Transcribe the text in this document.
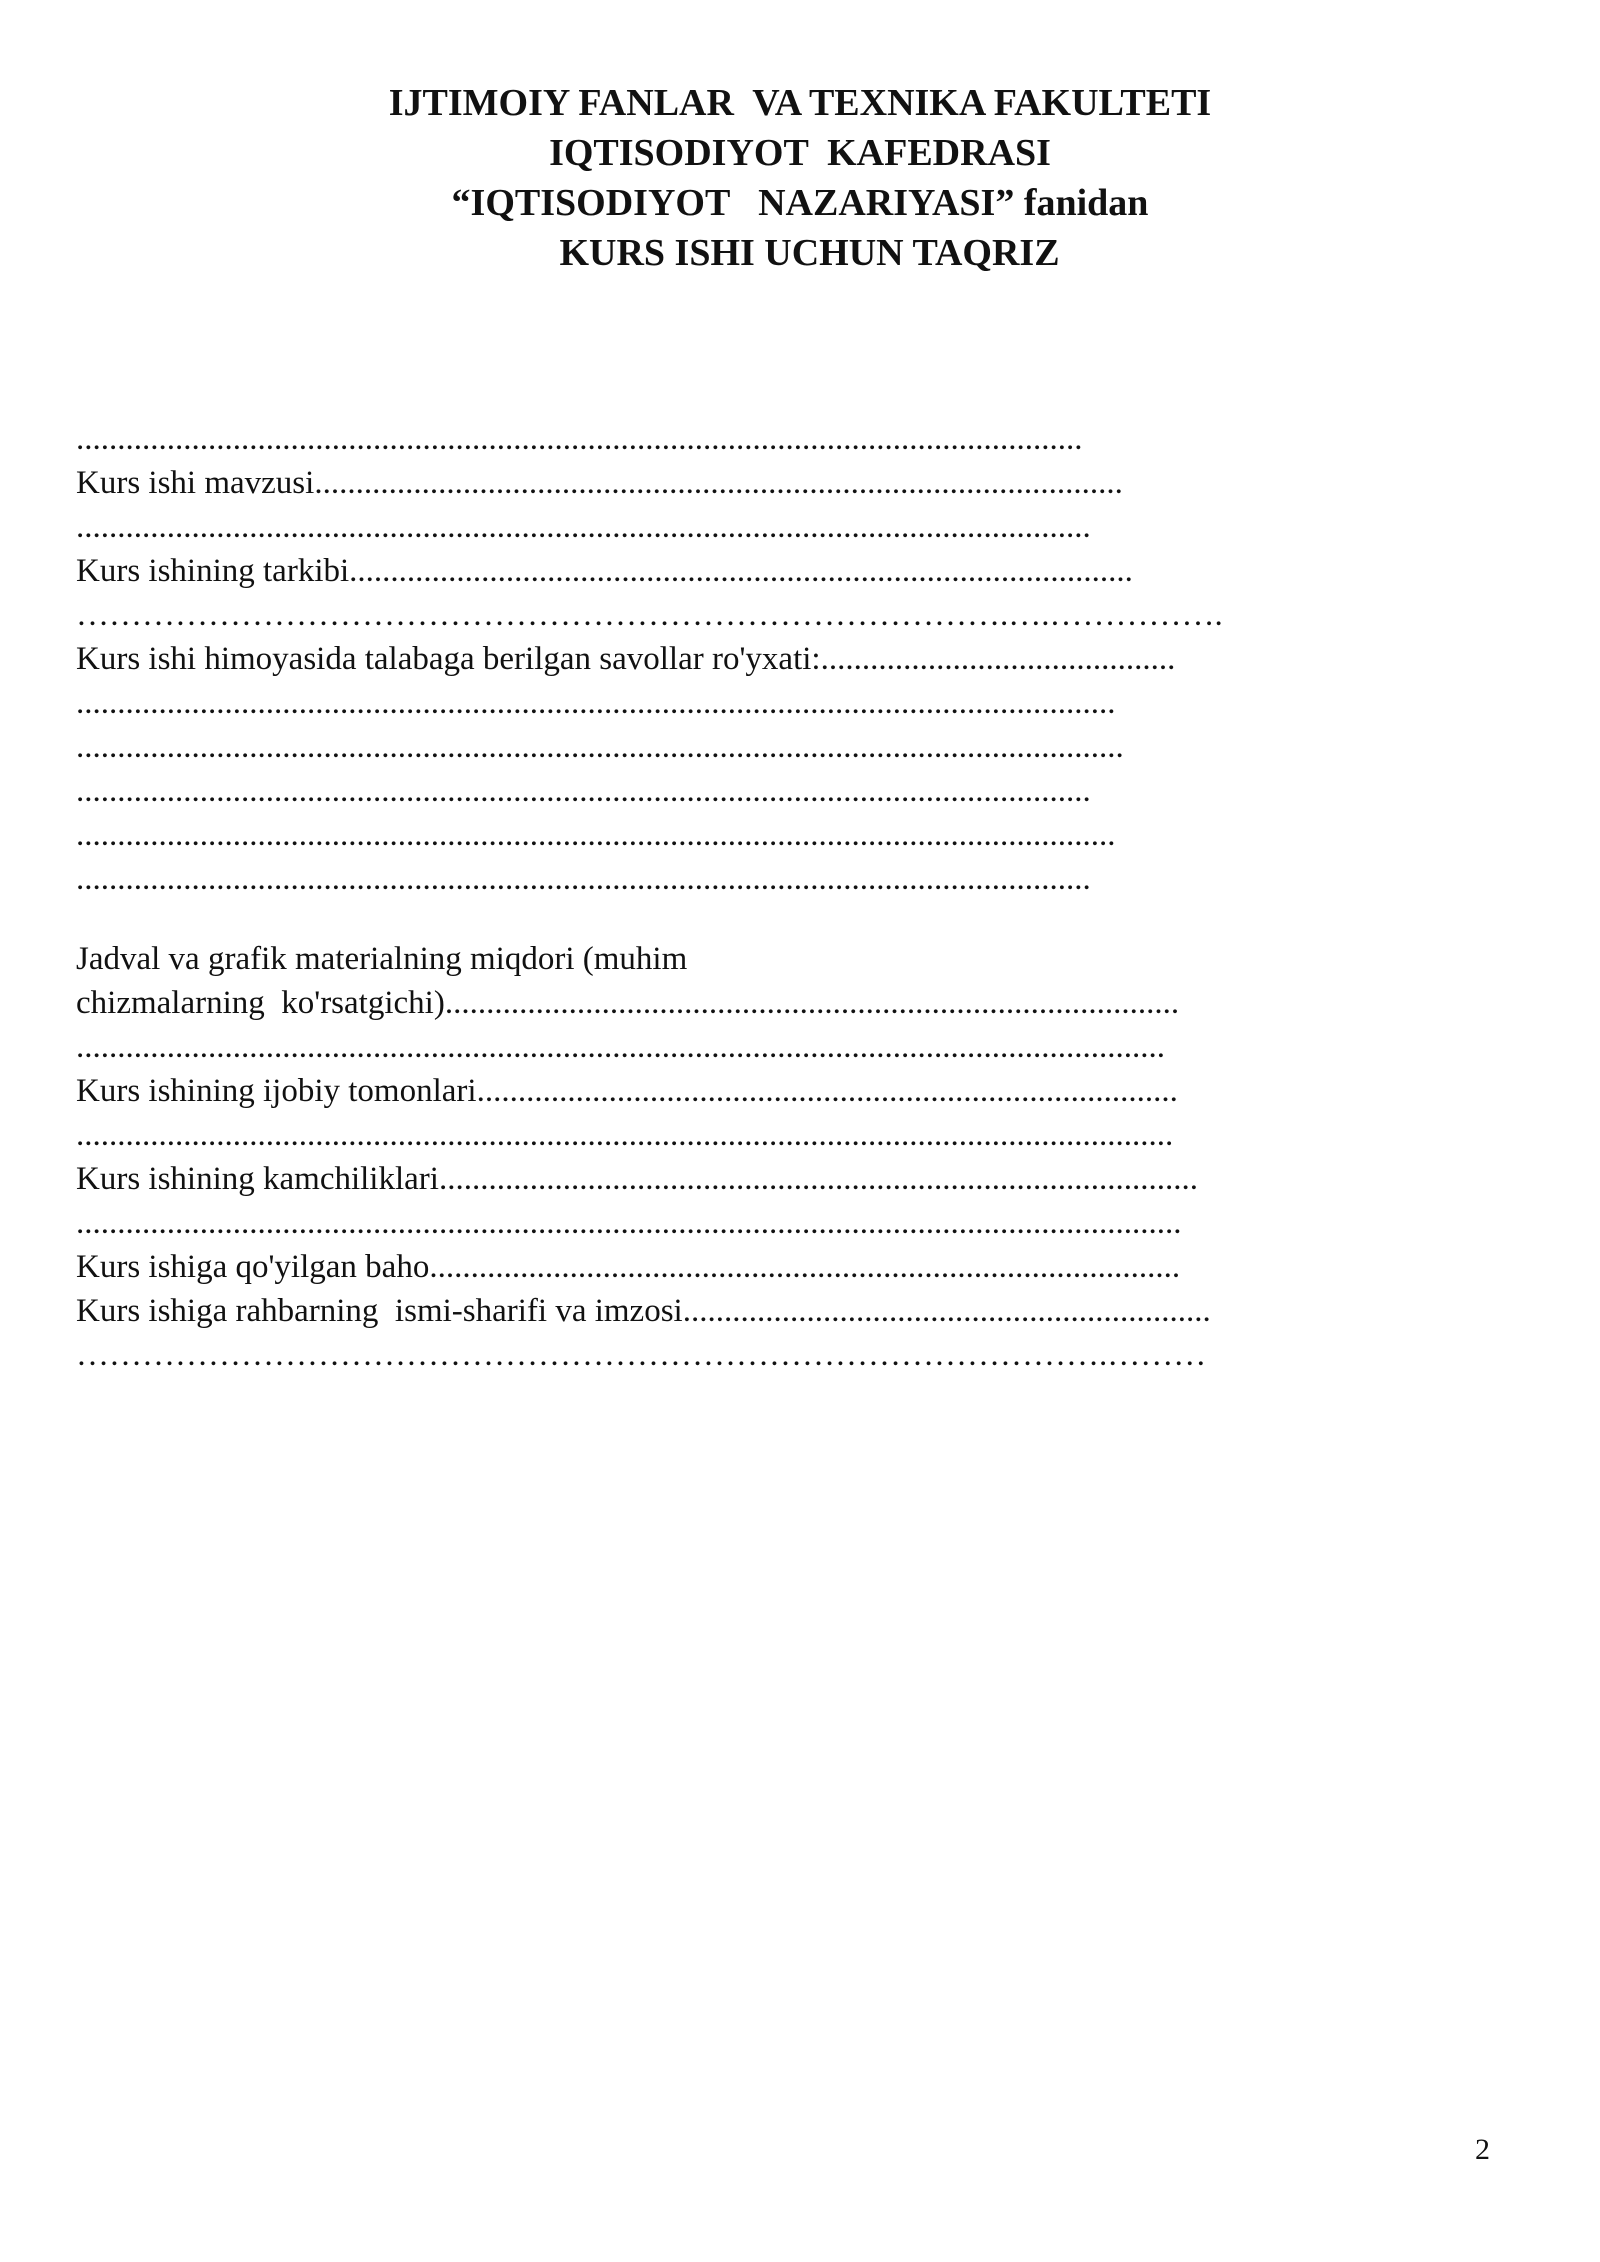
IJTIMOIY FANLAR  VA TEXNIKA FAKULTETI
IQTISODIYOT  KAFEDRASI
“IQTISODIYOT   NAZARIYASI” fanidan
KURS ISHI UCHUN TAQRIZ
..........................................................................................................................
Kurs ishi mavzusi..................................................................................................
...........................................................................................................................
Kurs ishining tarkibi...............................................................................................
………………………………………………………………………….….…………….
Kurs ishi himoyasida talabaga berilgan savollar ro'yxati:...........................................
..............................................................................................................................
...............................................................................................................................
...........................................................................................................................
..............................................................................................................................
...........................................................................................................................
Jadval va grafik materialning miqdori (muhim
chizmalarning  ko'rsatgichi).........................................................................................
....................................................................................................................................
Kurs ishining ijobiy tomonlari.....................................................................................
.....................................................................................................................................
Kurs ishining kamchiliklari............................................................................................
......................................................................................................................................
Kurs ishiga qo'yilgan baho...........................................................................................
Kurs ishiga rahbarning  ismi-sharifi va imzosi................................................................
………………………………………………………………………………….………
2
